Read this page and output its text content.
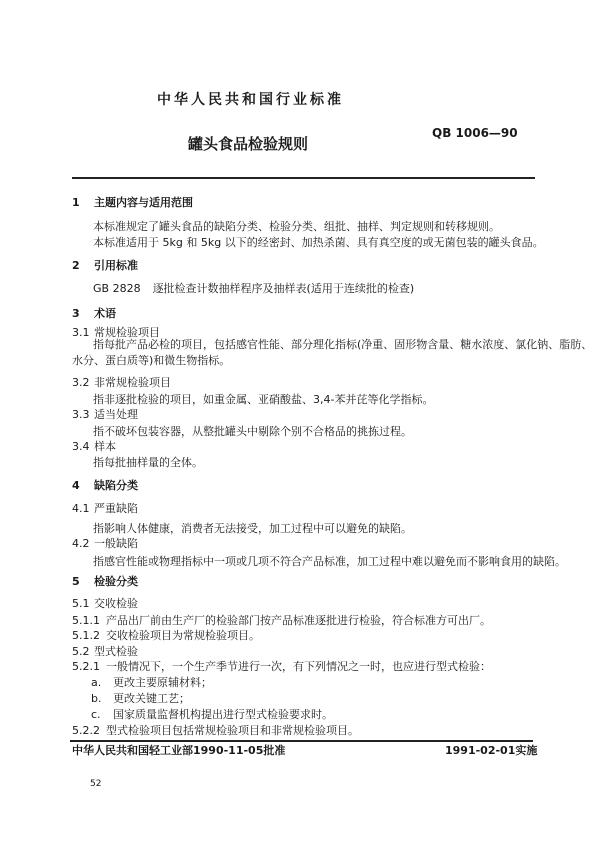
中华人民共和国行业标准
罐头食品检验规则
QB 1006—90
1 主题内容与适用范围
本标准规定了罐头食品的缺陷分类、检验分类、组批、抽样、判定规则和转移规则。
本标准适用于 5kg 和 5kg 以下的经密封、加热杀菌、具有真空度的或无菌包装的罐头食品。
2 引用标准
GB 2828 逐批检查计数抽样程序及抽样表(适用于连续批的检查)
3 术语
3.1 常规检验项目
指每批产品必检的项目，包括感官性能、部分理化指标(净重、固形物含量、糖水浓度、氯化钠、脂肪、
水分、蛋白质等)和微生物指标。
3.2 非常规检验项目
指非逐批检验的项目，如重金属、亚硝酸盐、3,4-苯并芘等化学指标。
3.3 适当处理
指不破坏包装容器，从整批罐头中剔除个别不合格品的挑拣过程。
3.4 样本
指每批抽样量的全体。
4 缺陷分类
4.1 严重缺陷
指影响人体健康，消费者无法接受，加工过程中可以避免的缺陷。
4.2 一般缺陷
指感官性能或物理指标中一项或几项不符合产品标准，加工过程中难以避免而不影响食用的缺陷。
5 检验分类
5.1 交收检验
5.1.1 产品出厂前由生产厂的检验部门按产品标准逐批进行检验，符合标准方可出厂。
5.1.2 交收检验项目为常规检验项目。
5.2 型式检验
5.2.1 一般情况下，一个生产季节进行一次，有下列情况之一时，也应进行型式检验：
a. 更改主要原辅材料；
b. 更改关键工艺；
c. 国家质量监督机构提出进行型式检验要求时。
5.2.2 型式检验项目包括常规检验项目和非常规检验项目。
中华人民共和国轻工业部1990-11-05批准	1991-02-01实施
52
